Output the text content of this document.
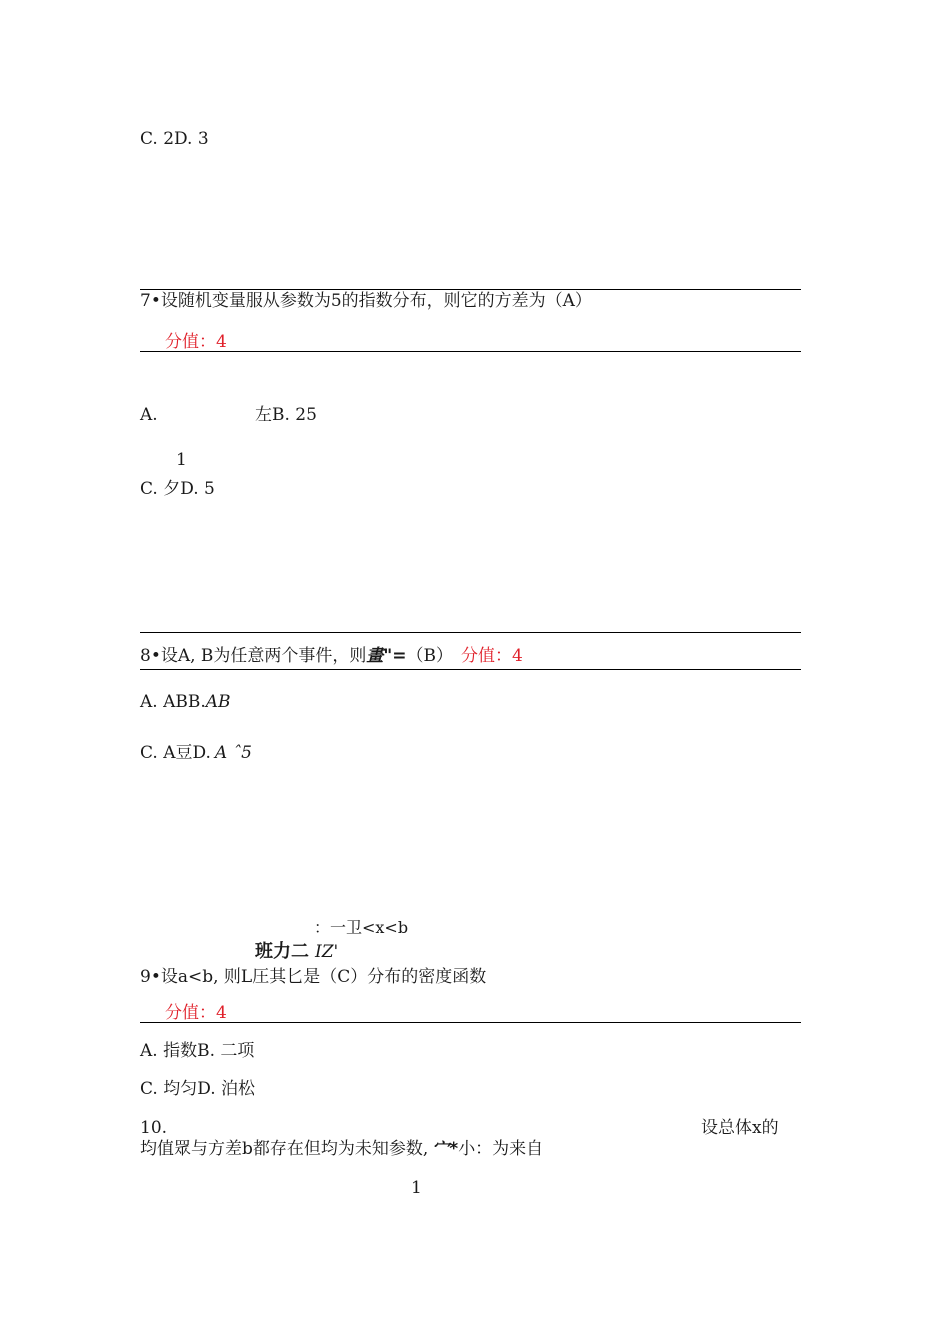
C. 2D. 3
7•设随机变量服从参数为5的指数分布，则它的方差为（A）
分值：4
A.	左B. 25
1
C. 夕D. 5
8•设A, B为任意两个事件，则畫"=（B） 分值：4
A. ABB.AB
C. A豆D. A ˆ5
：一卫<x<b
班力二 IZ'
9•设a<b, 则L圧其匕是（C）分布的密度函数
分值：4
A. 指数B. 二项
C. 均匀D. 泊松
10.	设总体x的
均值眾与方差b都存在但均为未知参数, 宀*小：为来自
1
